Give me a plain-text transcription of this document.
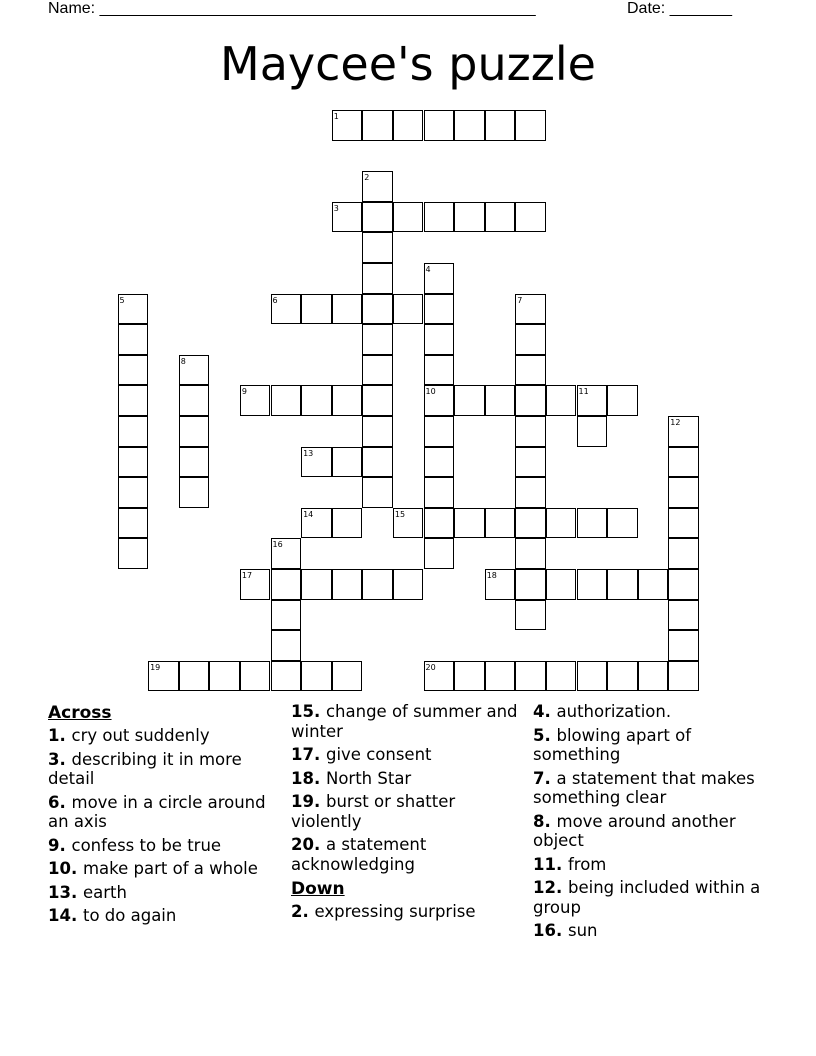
Name: _________________________________________________	Date: _______
Maycee's puzzle
1
2
3
4
10
5	6	7
8
9	11
12
13
14	15
16
17	18
19	20
Across
1. cry out suddenly
3. describing it in more detail
6. move in a circle around an axis
9. confess to be true
10. make part of a whole
13. earth
14. to do again
15. change of summer and winter
17. give consent
18. North Star
19. burst or shatter violently
20. a statement acknowledging
Down
2. expressing surprise
4. authorization.
5. blowing apart of something
7. a statement that makes something clear
8. move around another object
11. from
12. being included within a group
16. sun
